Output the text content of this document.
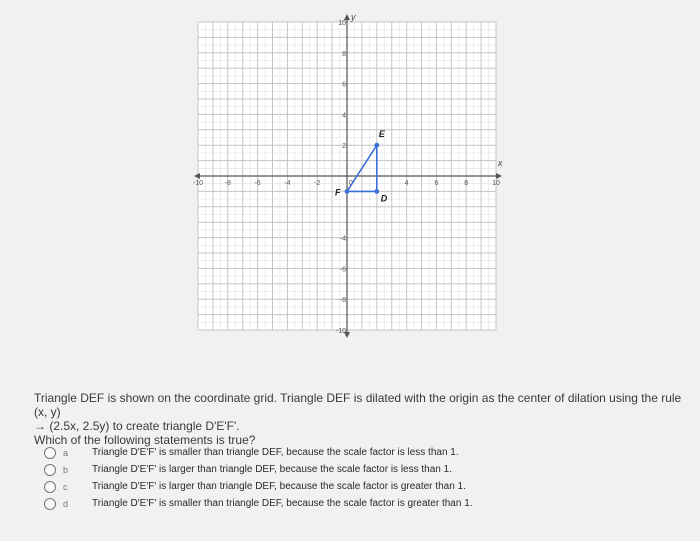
x
y
-10	-8	-6	-4	-2	0	4	6	8	10
10
8
6
4
2
-4
-6
-8
-10
E
D
F

Triangle DEF is shown on the coordinate grid. Triangle DEF is dilated with the origin as the center of dilation using the rule (x, y)

→ (2.5x, 2.5y) to create triangle D'E'F'.

Which of the following statements is true?

a Triangle D'E'F' is smaller than triangle DEF, because the scale factor is less than 1.
b Triangle D'E'F' is larger than triangle DEF, because the scale factor is less than 1.
c Triangle D'E'F' is larger than triangle DEF, because the scale factor is greater than 1.
d Triangle D'E'F' is smaller than triangle DEF, because the scale factor is greater than 1.
